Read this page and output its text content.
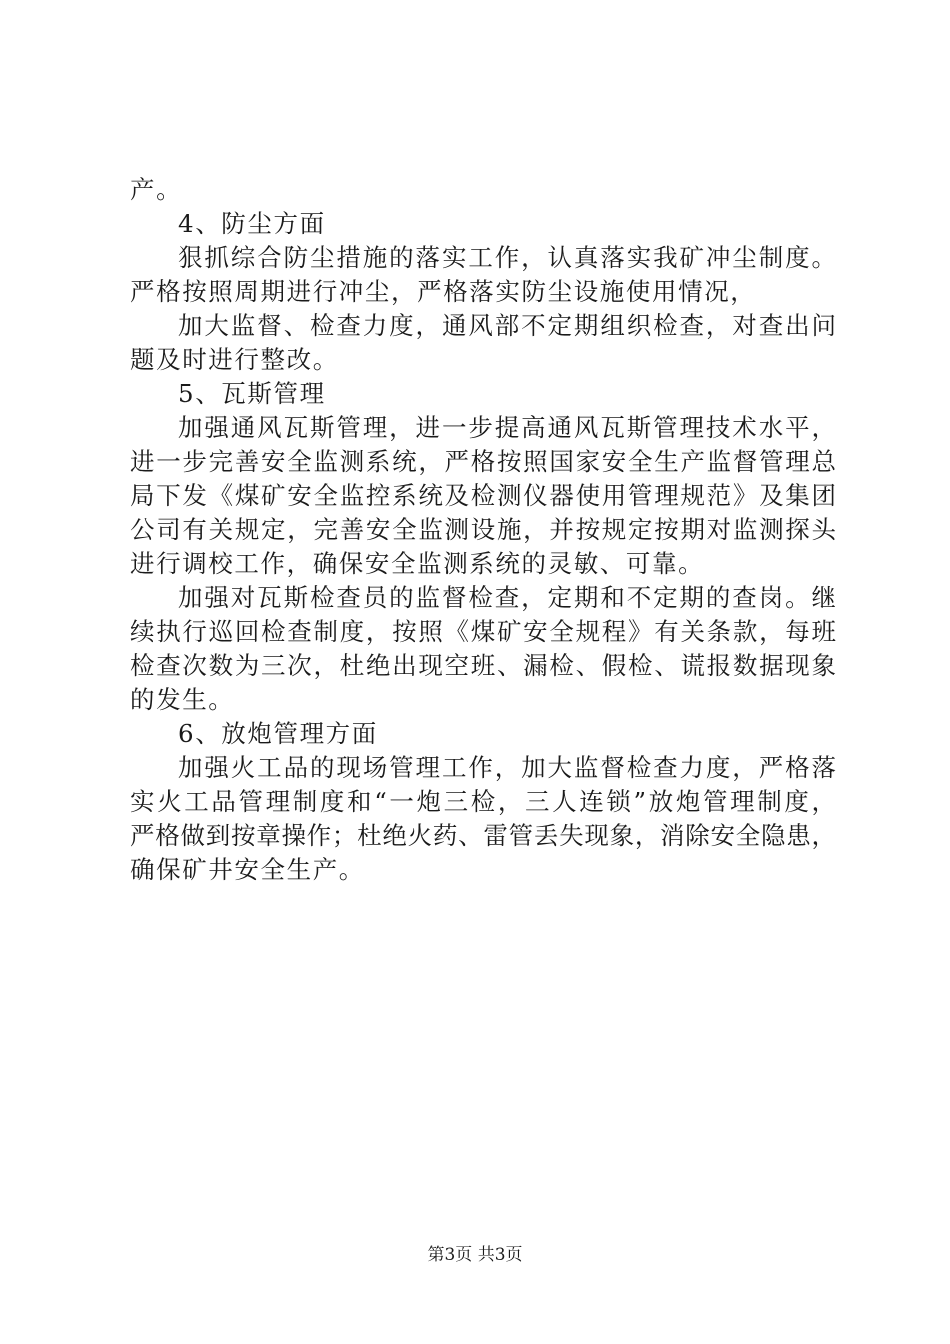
产。
4、防尘方面
狠抓综合防尘措施的落实工作，认真落实我矿冲尘制度。
严格按照周期进行冲尘，严格落实防尘设施使用情况，
加大监督、检查力度，通风部不定期组织检查，对查出问
题及时进行整改。
5、瓦斯管理
加强通风瓦斯管理，进一步提高通风瓦斯管理技术水平，
进一步完善安全监测系统，严格按照国家安全生产监督管理总
局下发《煤矿安全监控系统及检测仪器使用管理规范》及集团
公司有关规定，完善安全监测设施，并按规定按期对监测探头
进行调校工作，确保安全监测系统的灵敏、可靠。
加强对瓦斯检查员的监督检查，定期和不定期的查岗。继
续执行巡回检查制度，按照《煤矿安全规程》有关条款，每班
检查次数为三次，杜绝出现空班、漏检、假检、谎报数据现象
的发生。
6、放炮管理方面
加强火工品的现场管理工作，加大监督检查力度，严格落
实火工品管理制度和“一炮三检，三人连锁”放炮管理制度，
严格做到按章操作；杜绝火药、雷管丢失现象，消除安全隐患，
确保矿井安全生产。
第3页 共3页
